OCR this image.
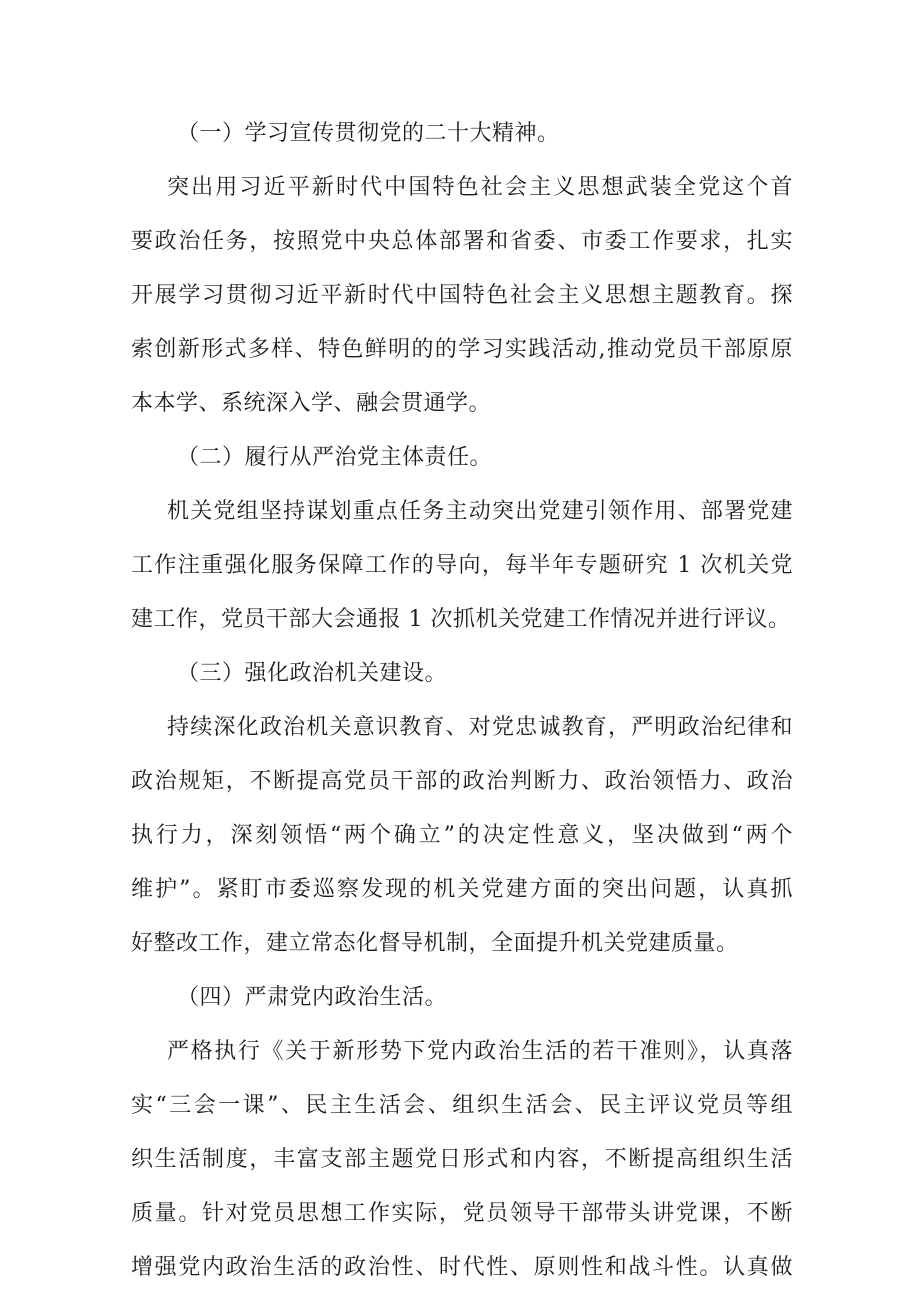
（一）学习宣传贯彻党的二十大精神。
突出用习近平新时代中国特色社会主义思想武装全党这个首
要政治任务，按照党中央总体部署和省委、市委工作要求，扎实
开展学习贯彻习近平新时代中国特色社会主义思想主题教育。探
索创新形式多样、特色鲜明的的学习实践活动,推动党员干部原原
本本学、系统深入学、融会贯通学。
（二）履行从严治党主体责任。
机关党组坚持谋划重点任务主动突出党建引领作用、部署党建
工作注重强化服务保障工作的导向，每半年专题研究 1 次机关党
建工作，党员干部大会通报 1 次抓机关党建工作情况并进行评议。
（三）强化政治机关建设。
持续深化政治机关意识教育、对党忠诚教育，严明政治纪律和
政治规矩，不断提高党员干部的政治判断力、政治领悟力、政治
执行力，深刻领悟“两个确立”的决定性意义，坚决做到“两个
维护”。紧盯市委巡察发现的机关党建方面的突出问题，认真抓
好整改工作，建立常态化督导机制，全面提升机关党建质量。
（四）严肃党内政治生活。
严格执行《关于新形势下党内政治生活的若干准则》，认真落
实“三会一课”、民主生活会、组织生活会、民主评议党员等组
织生活制度，丰富支部主题党日形式和内容，不断提高组织生活
质量。针对党员思想工作实际，党员领导干部带头讲党课，不断
增强党内政治生活的政治性、时代性、原则性和战斗性。认真做
